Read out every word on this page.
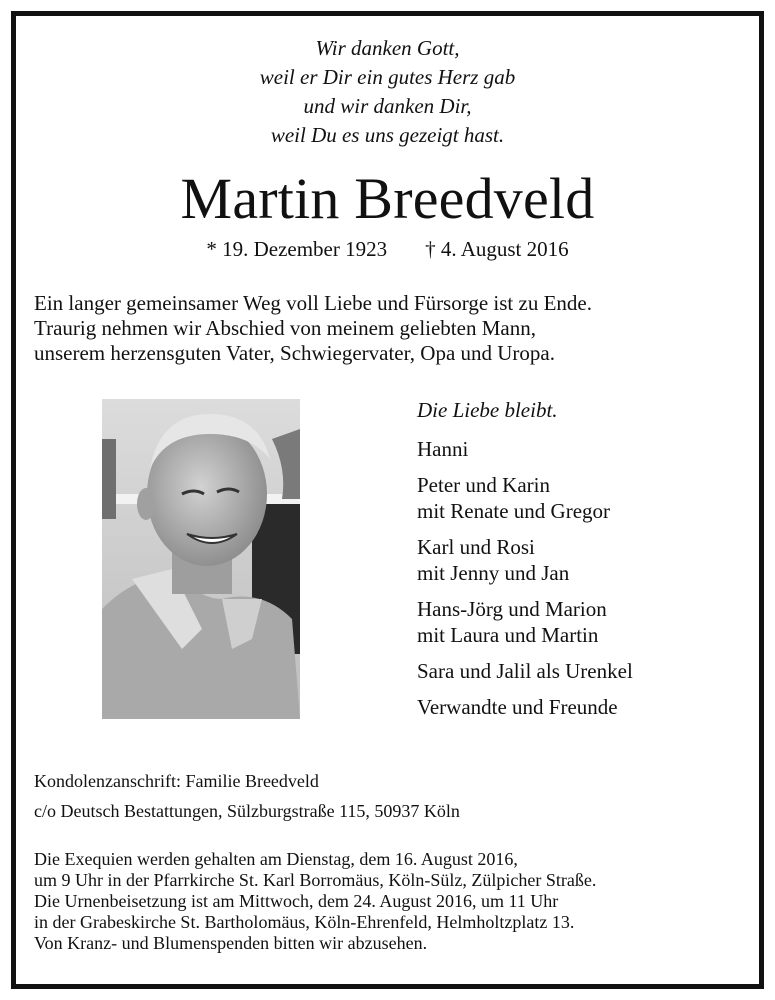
Wir danken Gott,
weil er Dir ein gutes Herz gab
und wir danken Dir,
weil Du es uns gezeigt hast.
Martin Breedveld
* 19. Dezember 1923 † 4. August 2016
Ein langer gemeinsamer Weg voll Liebe und Fürsorge ist zu Ende.
Traurig nehmen wir Abschied von meinem geliebten Mann,
unserem herzensguten Vater, Schwiegervater, Opa und Uropa.
Die Liebe bleibt.
Hanni
Peter und Karin
mit Renate und Gregor
Karl und Rosi
mit Jenny und Jan
Hans-Jörg und Marion
mit Laura und Martin
Sara und Jalil als Urenkel
Verwandte und Freunde
Kondolenzanschrift: Familie Breedveld
c/o Deutsch Bestattungen, Sülzburgstraße 115, 50937 Köln
Die Exequien werden gehalten am Dienstag, dem 16. August 2016,
um 9 Uhr in der Pfarrkirche St. Karl Borromäus, Köln-Sülz, Zülpicher Straße.
Die Urnenbeisetzung ist am Mittwoch, dem 24. August 2016, um 11 Uhr
in der Grabeskirche St. Bartholomäus, Köln-Ehrenfeld, Helmholtzplatz 13.
Von Kranz- und Blumenspenden bitten wir abzusehen.
